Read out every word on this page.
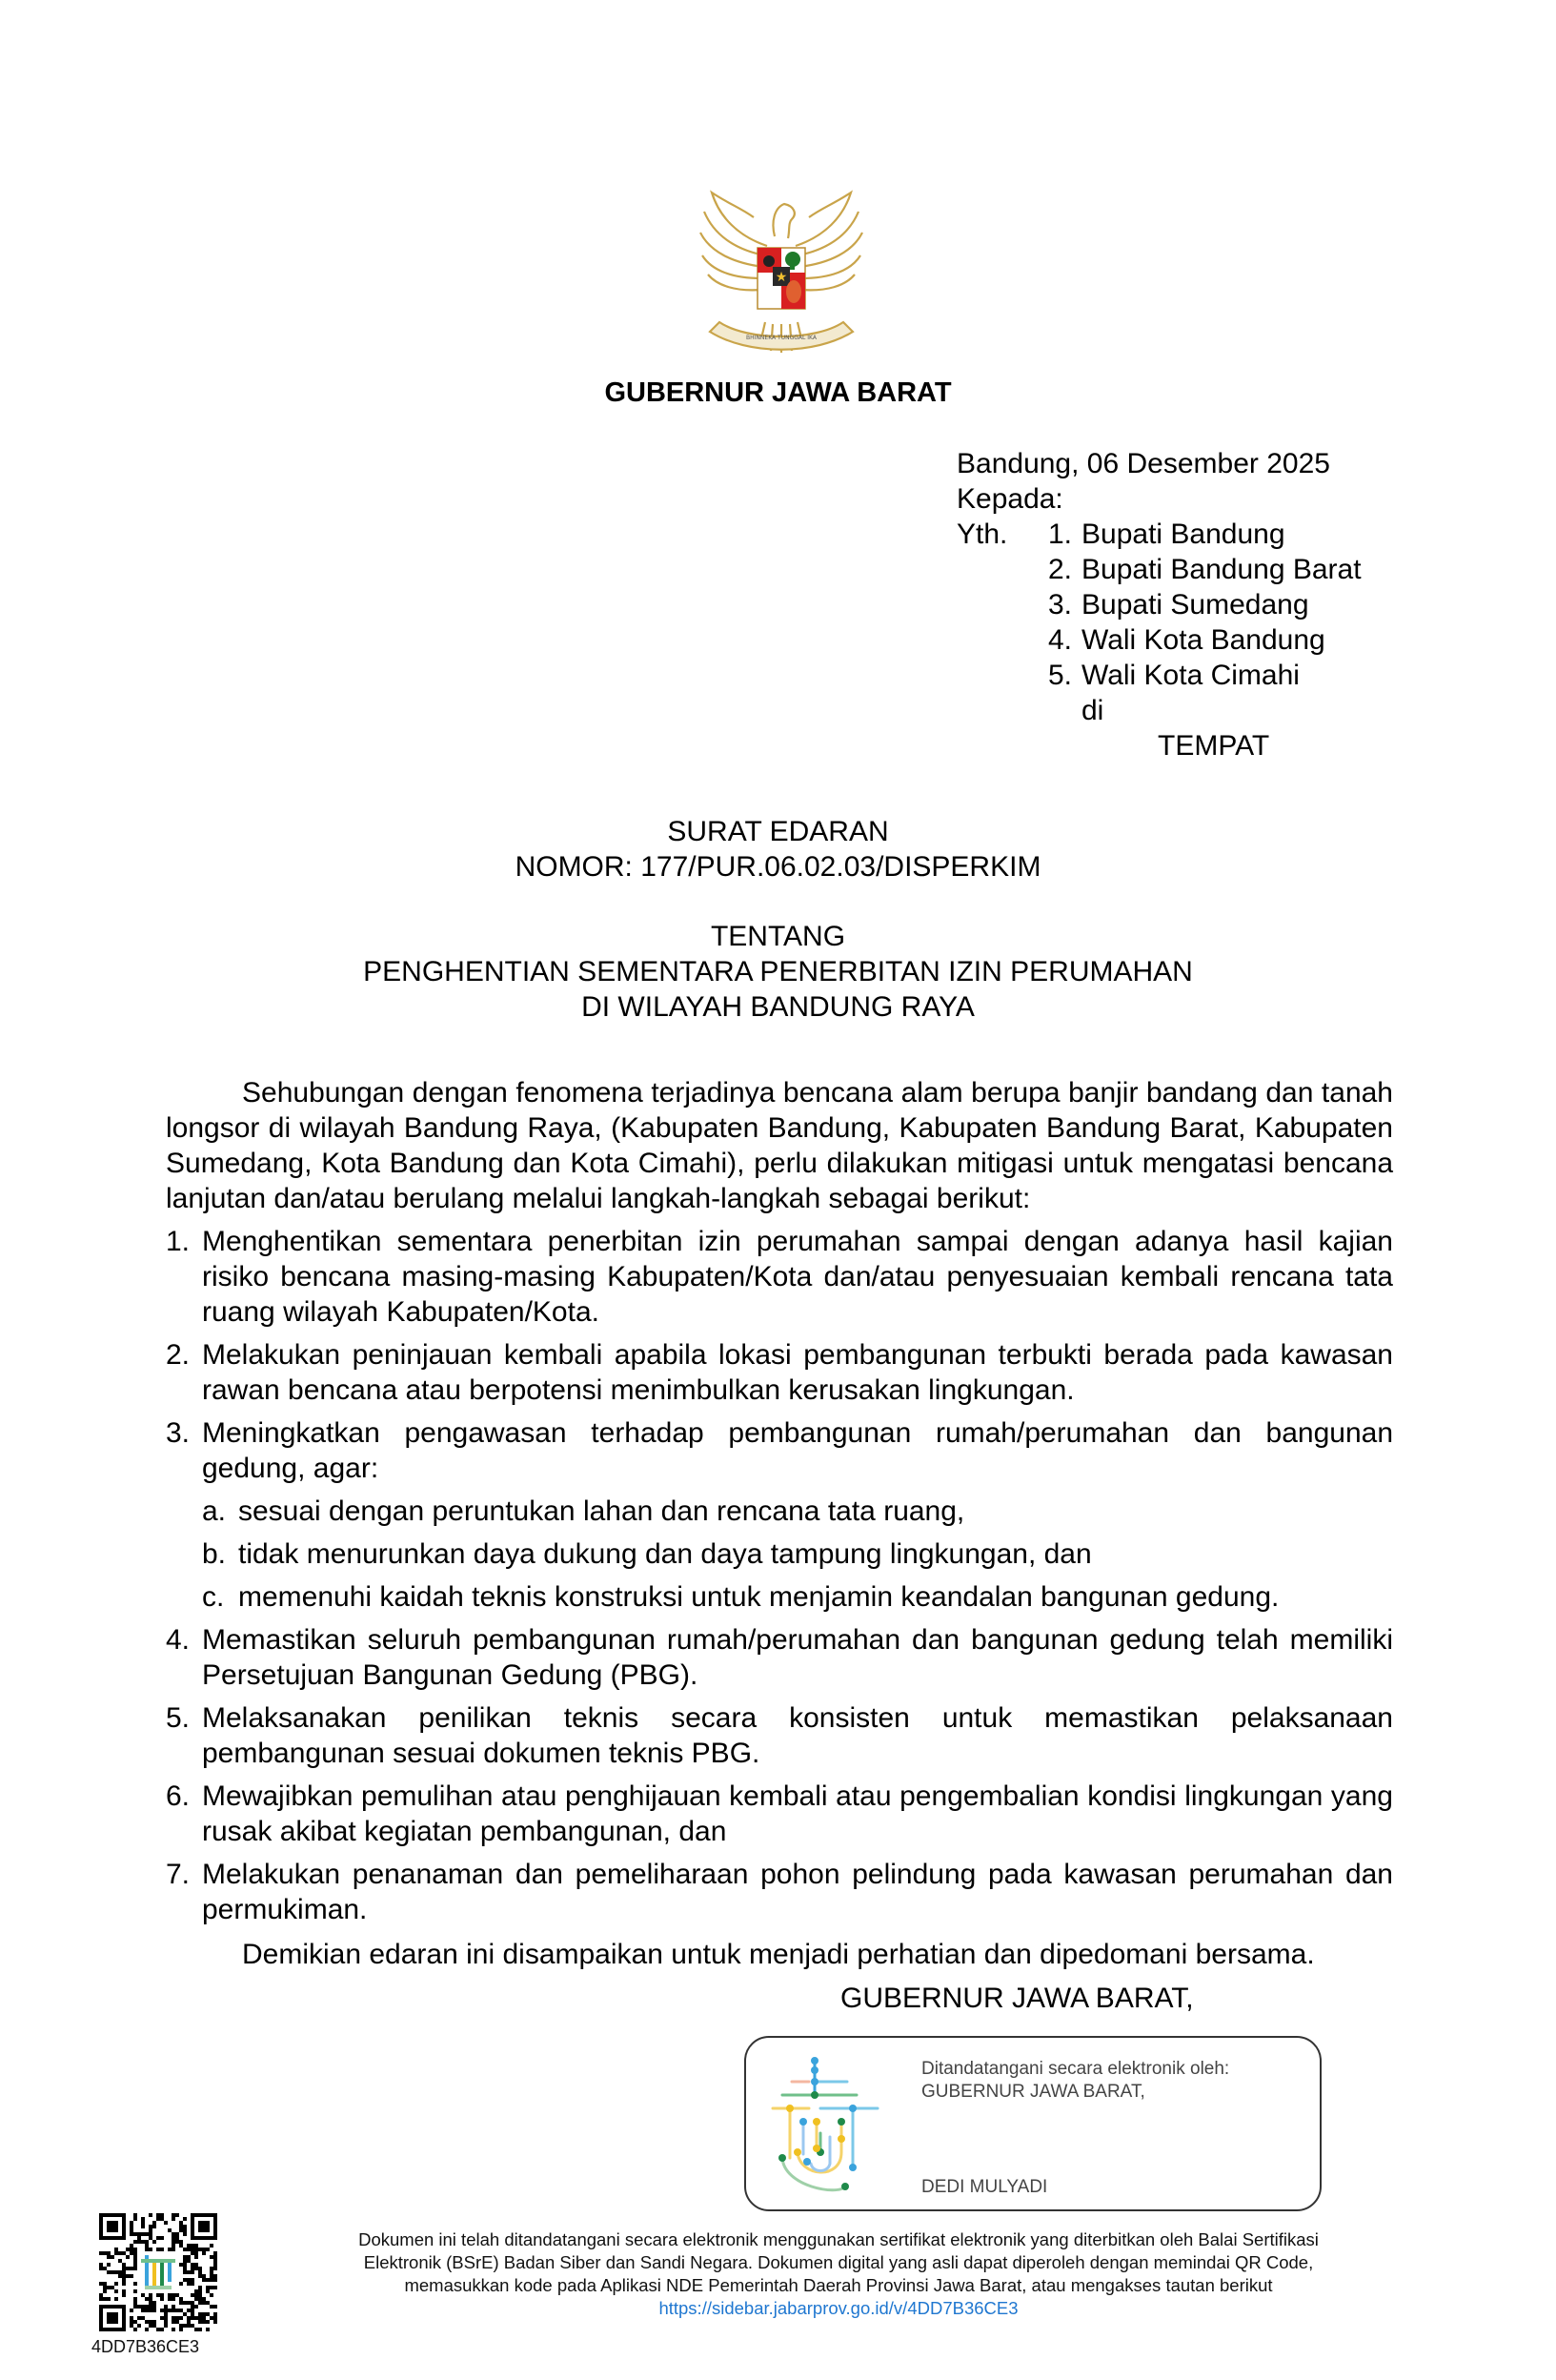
★
BHINNEKA TUNGGAL IKA
GUBERNUR JAWA BARAT
Bandung, 06 Desember 2025
Kepada:
Yth.	1. Bupati Bandung
2. Bupati Bandung Barat
3. Bupati Sumedang
4. Wali Kota Bandung
5. Wali Kota Cimahi
di
TEMPAT
SURAT EDARAN
NOMOR: 177/PUR.06.02.03/DISPERKIM
TENTANG
PENGHENTIAN SEMENTARA PENERBITAN IZIN PERUMAHAN
DI WILAYAH BANDUNG RAYA

Sehubungan dengan fenomena terjadinya bencana alam berupa banjir bandang dan tanah longsor di wilayah Bandung Raya, (Kabupaten Bandung, Kabupaten Bandung Barat, Kabupaten Sumedang, Kota Bandung dan Kota Cimahi), perlu dilakukan mitigasi untuk mengatasi bencana lanjutan dan/atau berulang melalui langkah-langkah sebagai berikut:

1. Menghentikan sementara penerbitan izin perumahan sampai dengan adanya hasil kajian risiko bencana masing-masing Kabupaten/Kota dan/atau penyesuaian kembali rencana tata ruang wilayah Kabupaten/Kota.
2. Melakukan peninjauan kembali apabila lokasi pembangunan terbukti berada pada kawasan rawan bencana atau berpotensi menimbulkan kerusakan lingkungan.
3. Meningkatkan pengawasan terhadap pembangunan rumah/perumahan dan bangunan gedung, agar:
a. sesuai dengan peruntukan lahan dan rencana tata ruang,
b. tidak menurunkan daya dukung dan daya tampung lingkungan, dan
c. memenuhi kaidah teknis konstruksi untuk menjamin keandalan bangunan gedung.
4. Memastikan seluruh pembangunan rumah/perumahan dan bangunan gedung telah memiliki Persetujuan Bangunan Gedung (PBG).
5. Melaksanakan penilikan teknis secara konsisten untuk memastikan pelaksanaan pembangunan sesuai dokumen teknis PBG.
6. Mewajibkan pemulihan atau penghijauan kembali atau pengembalian kondisi lingkungan yang rusak akibat kegiatan pembangunan, dan
7. Melakukan penanaman dan pemeliharaan pohon pelindung pada kawasan perumahan dan permukiman.

Demikian edaran ini disampaikan untuk menjadi perhatian dan dipedomani bersama.

GUBERNUR JAWA BARAT,
Ditandatangani secara elektronik oleh:
GUBERNUR JAWA BARAT,
DEDI MULYADI
4DD7B36CE3
Dokumen ini telah ditandatangani secara elektronik menggunakan sertifikat elektronik yang diterbitkan oleh Balai Sertifikasi
Elektronik (BSrE) Badan Siber dan Sandi Negara. Dokumen digital yang asli dapat diperoleh dengan memindai QR Code,
memasukkan kode pada Aplikasi NDE Pemerintah Daerah Provinsi Jawa Barat, atau mengakses tautan berikut
https://sidebar.jabarprov.go.id/v/4DD7B36CE3
